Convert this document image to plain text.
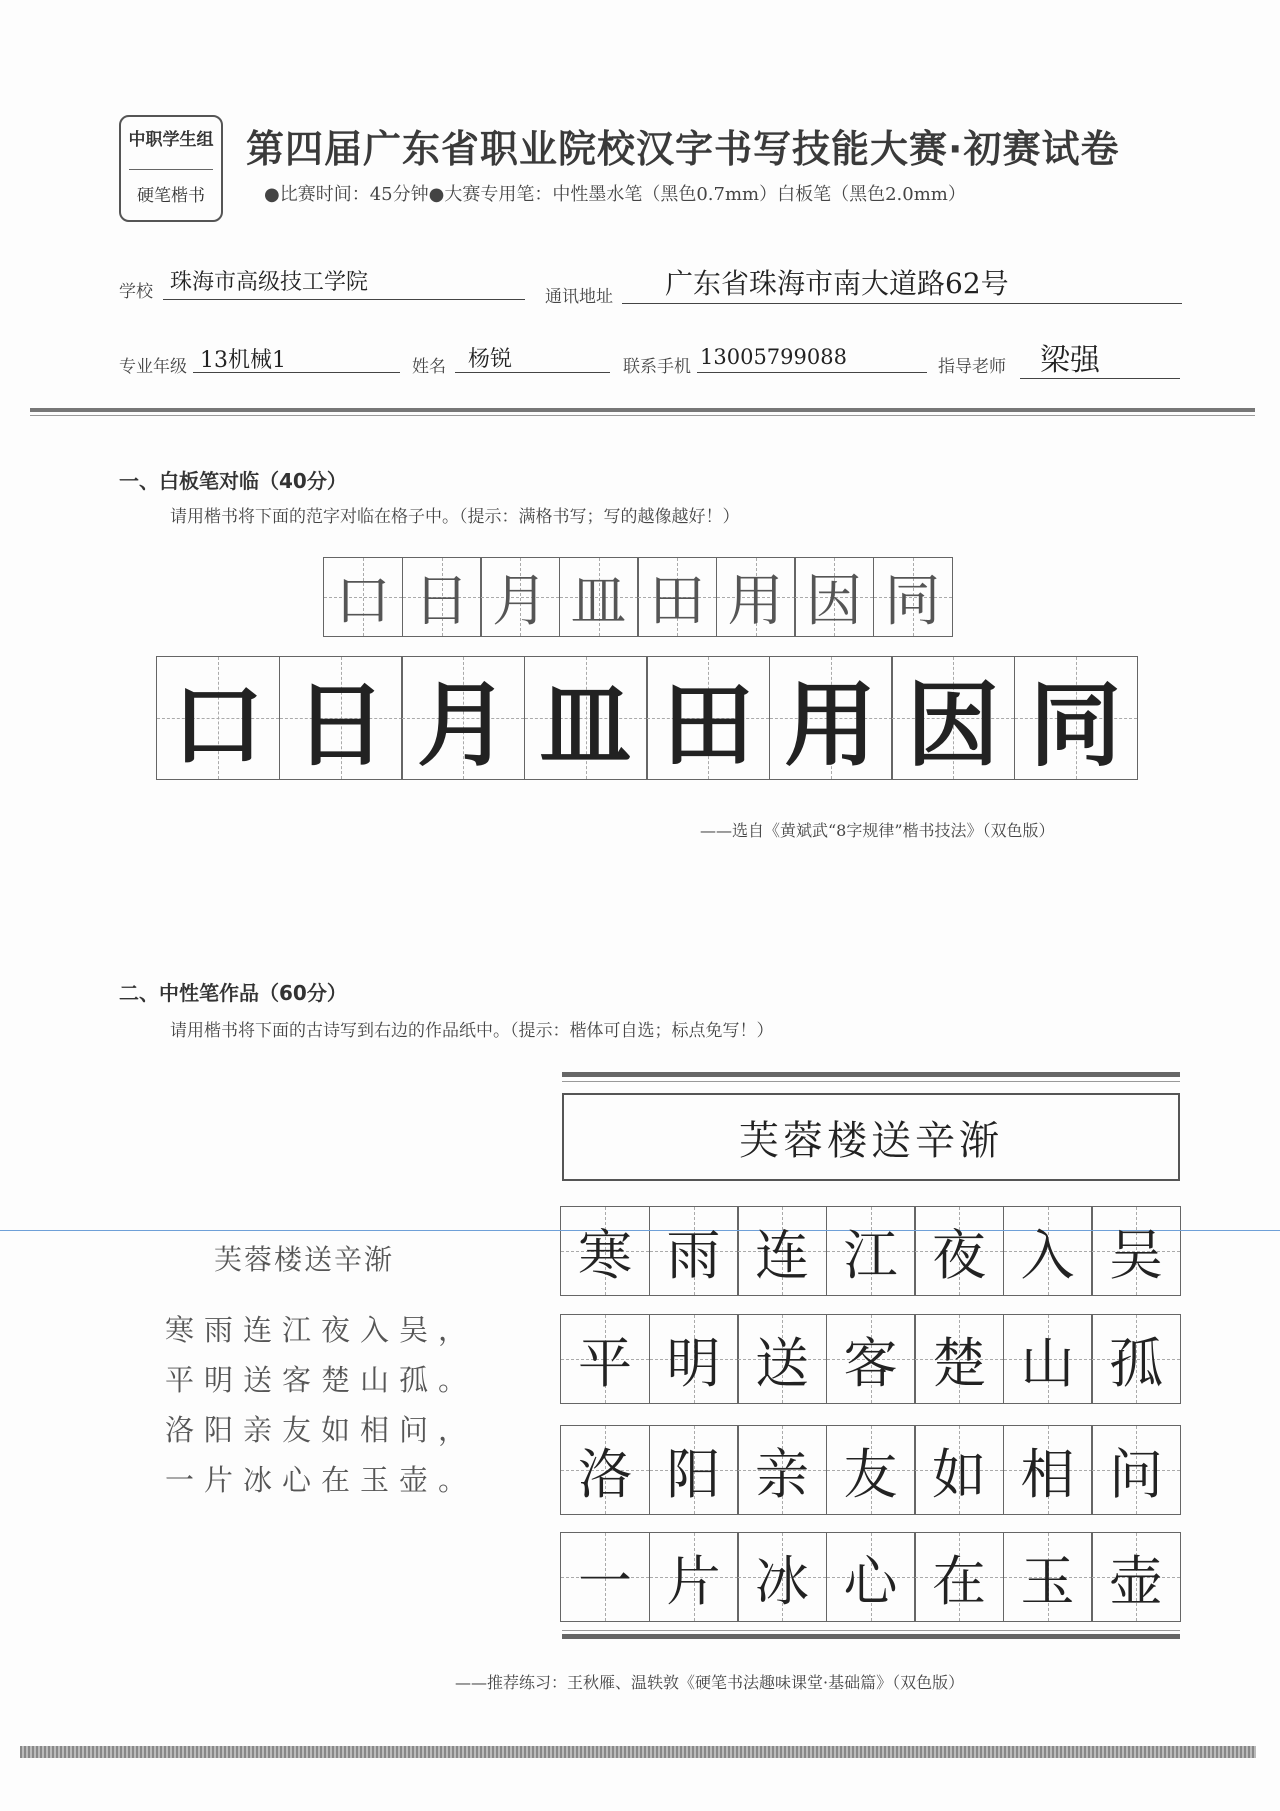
中职学生组
硬笔楷书
第四届广东省职业院校汉字书写技能大赛·初赛试卷
●比赛时间：45分钟●大赛专用笔：中性墨水笔（黑色0.7mm）白板笔（黑色2.0mm）
学校 珠海市高级技工学院
通讯地址 广东省珠海市南大道路62号
专业年级 13机械1	姓名 杨锐	联系手机 13005799088	指导老师 梁强
一、白板笔对临（40分）
请用楷书将下面的范字对临在格子中。（提示：满格书写；写的越像越好！）
口 日 月 皿 田 用 因 同
口 日 月 皿 田 用 因 同
——选自《黄斌武“8字规律”楷书技法》（双色版）
二、中性笔作品（60分）
请用楷书将下面的古诗写到右边的作品纸中。（提示：楷体可自选；标点免写！）
芙蓉楼送辛渐
寒 雨 连 江 夜 入 吴
平 明 送 客 楚 山 孤
洛 阳 亲 友 如 相 问
一 片 冰 心 在 玉 壶
芙蓉楼送辛渐
寒雨连江夜入吴，
平明送客楚山孤。
洛阳亲友如相问，
一片冰心在玉壶。
——推荐练习：王秋雁、温轶敦《硬笔书法趣味课堂·基础篇》（双色版）
